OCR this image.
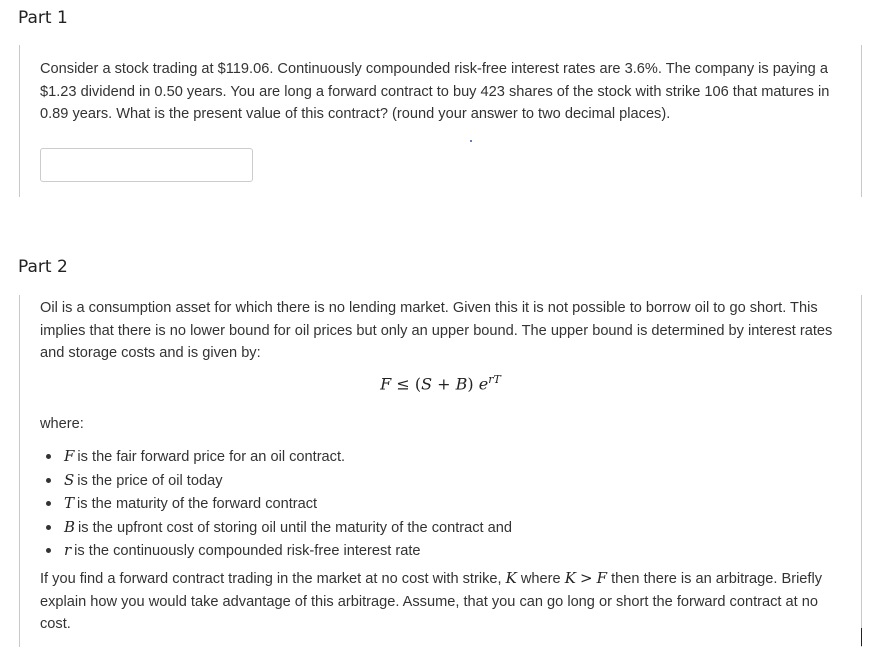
Part 1

Consider a stock trading at $119.06. Continuously compounded risk-free interest rates are 3.6%. The company is paying a $1.23 dividend in 0.50 years. You are long a forward contract to buy 423 shares of the stock with strike 106 that matures in 0.89 years. What is the present value of this contract? (round your answer to two decimal places).

Part 2

Oil is a consumption asset for which there is no lending market. Given this it is not possible to borrow oil to go short. This implies that there is no lower bound for oil prices but only an upper bound. The upper bound is determined by interest rates and storage costs and is given by:

F ≤ (S + B) $e^{rT}$

where:

F is the fair forward price for an oil contract.
S is the price of oil today
T is the maturity of the forward contract
B is the upfront cost of storing oil until the maturity of the contract and
r is the continuously compounded risk-free interest rate

If you find a forward contract trading in the market at no cost with strike, K where K > F then there is an arbitrage. Briefly explain how you would take advantage of this arbitrage. Assume, that you can go long or short the forward contract at no cost.
